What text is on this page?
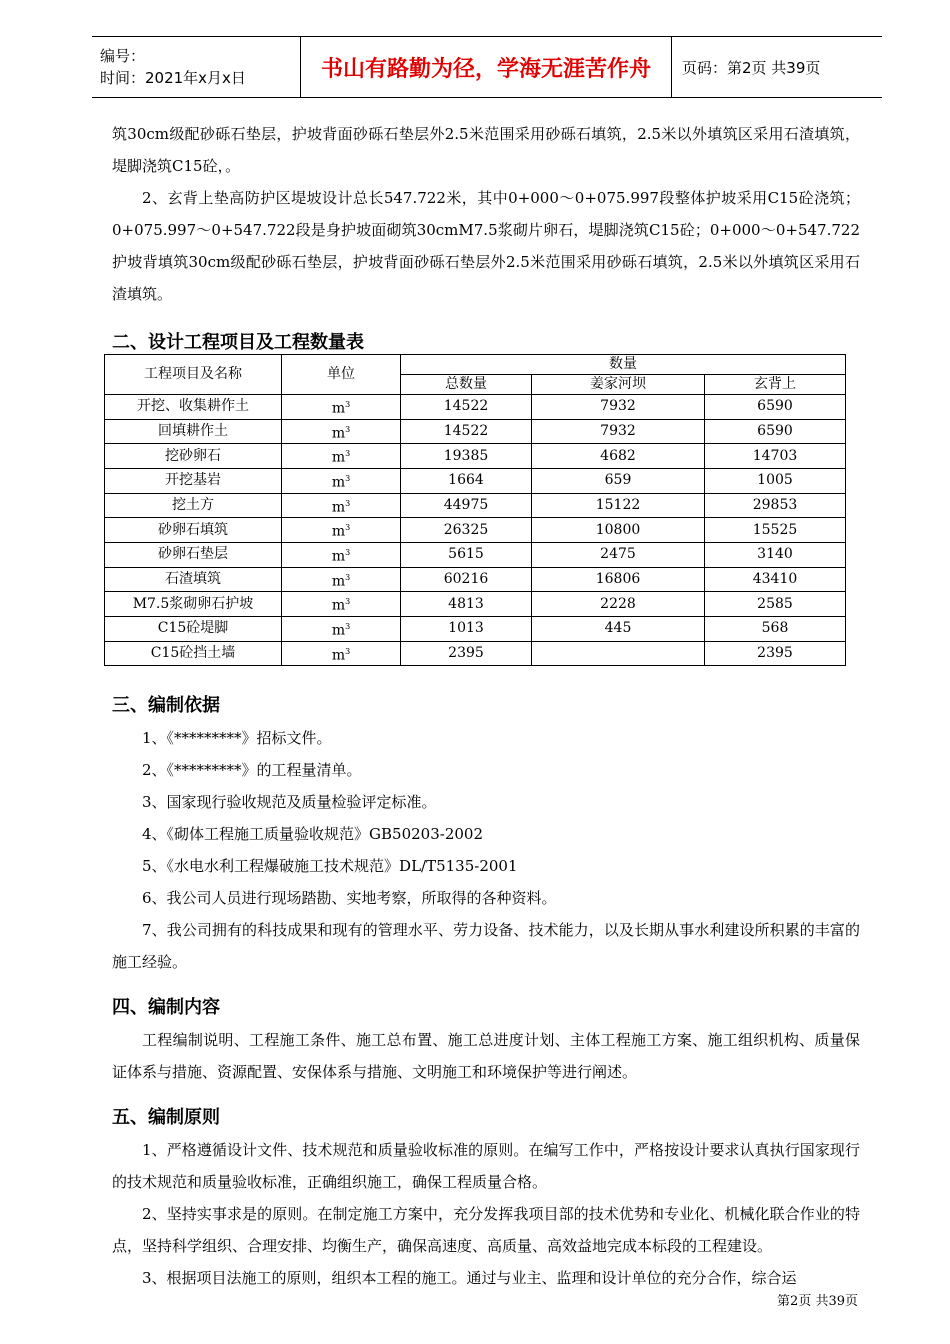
编号：
时间：2021年x月x日	书山有路勤为径，学海无涯苦作舟	页码：第2页 共39页

筑30cm级配砂砾石垫层，护坡背面砂砾石垫层外2.5米范围采用砂砾石填筑，2.5米以外填筑区采用石渣填筑，堤脚浇筑C15砼，。

2、玄背上垫高防护区堤坡设计总长547.722米，其中0+000～0+075.997段整体护坡采用C15砼浇筑；0+075.997～0+547.722段是身护坡面砌筑30cmM7.5浆砌片卵石，堤脚浇筑C15砼；0+000～0+547.722护坡背填筑30cm级配砂砾石垫层，护坡背面砂砾石垫层外2.5米范围采用砂砾石填筑，2.5米以外填筑区采用石渣填筑。

二、设计工程项目及工程数量表
工程项目及名称	单位	数量		
		总数量	姜家河坝	玄背上
开挖、收集耕作土	$m^3$	14522	7932	6590
回填耕作土	$m^3$	14522	7932	6590
挖砂卵石	$m^3$	19385	4682	14703
开挖基岩	$m^3$	1664	659	1005
挖土方	$m^3$	44975	15122	29853
砂卵石填筑	$m^3$	26325	10800	15525
砂卵石垫层	$m^3$	5615	2475	3140
石渣填筑	$m^3$	60216	16806	43410
M7.5浆砌卵石护坡	$m^3$	4813	2228	2585
C15砼堤脚	$m^3$	1013	445	568
C15砼挡土墙	$m^3$	2395		2395
三、编制依据

1、《*********》招标文件。

2、《*********》的工程量清单。

3、国家现行验收规范及质量检验评定标准。

4、《砌体工程施工质量验收规范》GB50203-2002

5、《水电水利工程爆破施工技术规范》DL/T5135-2001

6、我公司人员进行现场踏勘、实地考察，所取得的各种资料。

7、我公司拥有的科技成果和现有的管理水平、劳力设备、技术能力，以及长期从事水利建设所积累的丰富的施工经验。

四、编制内容

工程编制说明、工程施工条件、施工总布置、施工总进度计划、主体工程施工方案、施工组织机构、质量保证体系与措施、资源配置、安保体系与措施、文明施工和环境保护等进行阐述。

五、编制原则

1、严格遵循设计文件、技术规范和质量验收标准的原则。在编写工作中，严格按设计要求认真执行国家现行的技术规范和质量验收标准，正确组织施工，确保工程质量合格。

2、坚持实事求是的原则。在制定施工方案中，充分发挥我项目部的技术优势和专业化、机械化联合作业的特点，坚持科学组织、合理安排、均衡生产，确保高速度、高质量、高效益地完成本标段的工程建设。

3、根据项目法施工的原则，组织本工程的施工。通过与业主、监理和设计单位的充分合作，综合运

第2页 共39页
